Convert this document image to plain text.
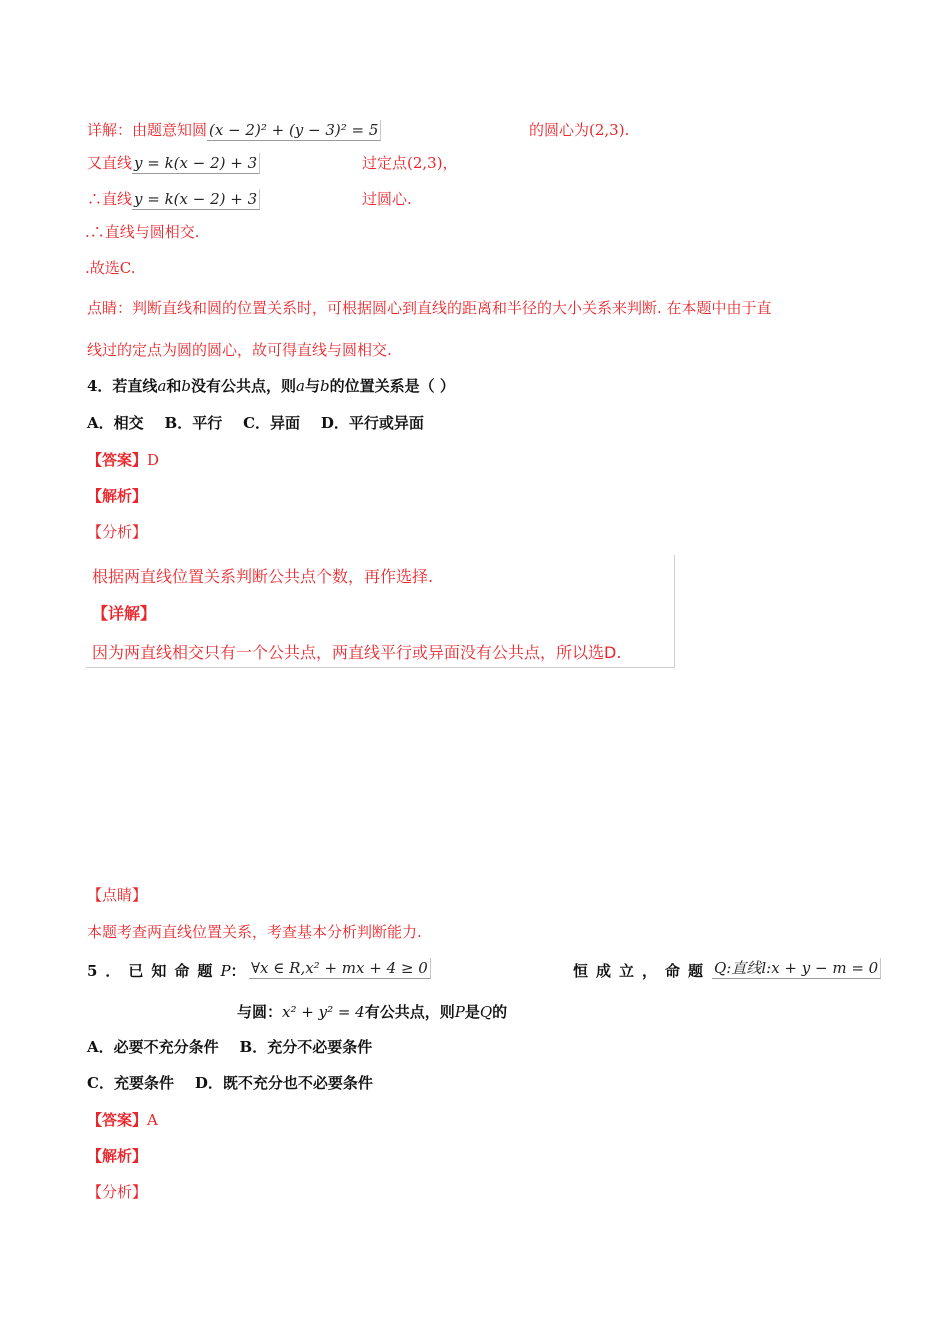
详解：由题意知圆 (x − 2)² + (y − 3)² = 5	的圆心为(2,3).
又直线 y = k(x − 2) + 3	过定点(2,3)，
∴直线 y = k(x − 2) + 3	过圆心.
.∴直线与圆相交.
.故选C.
点睛：判断直线和圆的位置关系时，可根据圆心到直线的距离和半径的大小关系来判断. 在本题中由于直
线过的定点为圆的圆心，故可得直线与圆相交.
4．若直线a和b没有公共点，则a与b的位置关系是（ ）
A．相交    B．平行    C．异面    D．平行或异面
【答案】D
【解析】
【分析】
根据两直线位置关系判断公共点个数，再作选择.
【详解】
因为两直线相交只有一个公共点，两直线平行或异面没有公共点，所以选D.
【点睛】
本题考查两直线位置关系，考查基本分析判断能力.
5．已知命题P： ∀x ∈ R,x² + mx + 4 ≥ 0	恒成立，命题 Q:直线l:x + y − m = 0
与圆：x² + y² = 4有公共点，则P是Q的
A．必要不充分条件    B．充分不必要条件
C．充要条件    D．既不充分也不必要条件
【答案】A
【解析】
【分析】
